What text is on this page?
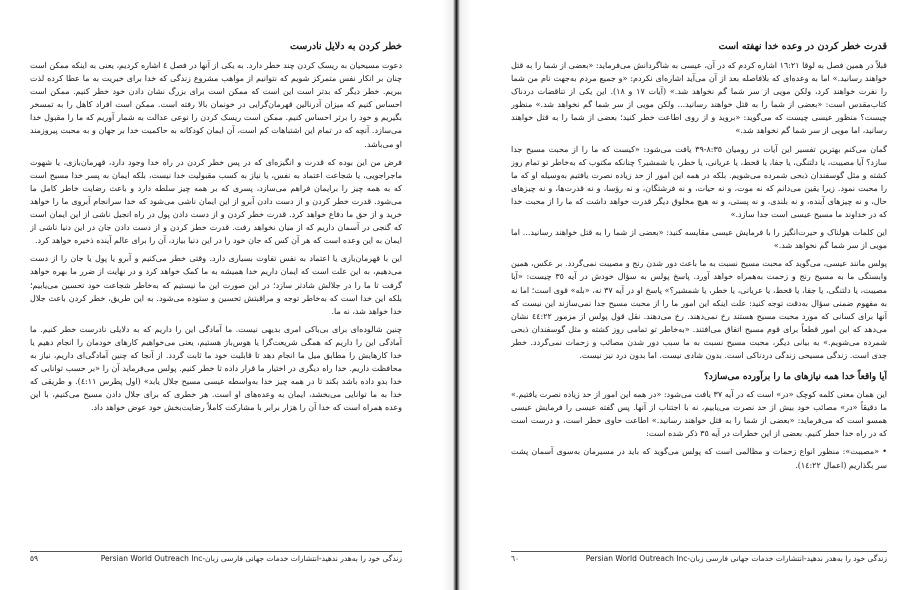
خطر کردن به دلایل نادرست

دعوت مسیحیان به ریسک کردن چند خطر دارد. به یکی از آنها در فصل ٤ اشاره کردیم، یعنی به اینکه ممکن است چنان بر انکار نفس متمرکز شویم که نتوانیم از مواهب مشروع زندگی که خدا برای خیریت به ما عطا کرده لذت ببریم. خطر دیگر که بدتر است این است که ممکن است برای بزرگ نشان دادن خود خطر کنیم. ممکن است احساس کنیم که میزان آدرنالین قهرمان‌گرایی در خونمان بالا رفته است. ممکن است افراد کاهل را به تمسخر بگیریم و خود را برتر احساس کنیم. ممکن است ریسک کردن را نوعی عدالت به شمار آوریم که ما را مقبول خدا می‌سازد. آنچه که در تمام این اشتباهات کم است، آن ایمان کودکانه به حاکمیت خدا بر جهان و به محبت پیروزمند او می‌باشد.

فرض من این بوده که قدرت و انگیزه‌ای که در پس خطر کردن در راه خدا وجود دارد، قهرمان‌بازی، یا شهوت ماجراجویی، یا شجاعت اعتماد به نفس، یا نیاز به کسب مقبولیت خدا نیست، بلکه ایمان به پسر خدا مسیح است که به همه چیز را برایمان فراهم می‌سازد، پسری که بر همه چیز سلطه دارد و باعث رضایت خاطر کامل ما می‌شود. قدرت خطر کردن و از دست دادن آبرو از این ایمان ناشی می‌شود که خدا سرانجام آبروی ما را خواهد خرید و از حق ما دفاع خواهد کرد. قدرت خطر کردن و از دست دادن پول در راه انجیل ناشی از این ایمان است که گنجی در آسمان داریم که از میان نخواهد رفت. قدرت خطر کردن و از دست دادن جان در این دنیا ناشی از ایمان به این وعده است که هر آن کس که جان خود را در این دنیا بیازد، آن را برای عالم آینده ذخیره خواهد کرد.

این با قهرمان‌بازی یا اعتماد به نفس تفاوت بسیاری دارد. وقتی خطر می‌کنیم و آبرو یا پول یا جان را از دست می‌دهیم، به این علت است که ایمان داریم خدا همیشه به ما کمک خواهد کرد و در نهایت از ضرر ما بهره خواهد گرفت تا ما را در جلالش شادتر سازد؛ در این صورت این ما نیستیم که به‌خاطر شجاعت خود تحسین می‌یابیم؛ بلکه این خدا است که به‌خاطر توجه و مراقبتش تحسین و ستوده می‌شود. به این طریق، خطر کردن باعث جلال خدا خواهد شد، نه ما.

چنین شالوده‌ای برای بی‌باکی امری بدیهی نیست. ما آمادگی این را داریم که به دلایلی نادرست خطر کنیم. ما آمادگی این را داریم که همگی شریعت‌گرا یا هوس‌باز هستیم، یعنی می‌خواهیم کارهای خودمان را انجام دهیم یا خدا کارهایش را مطابق میل ما انجام دهد تا قابلیت خود ما ثابت گردد. از آنجا که چنین آمادگی‌ای داریم، نیاز به محافظت داریم. خدا راه دیگری در اختیار ما قرار داده تا خطر کنیم. پولس می‌فرماید آن را «بر حسب توانایی که خدا بدو داده باشد بکند تا در همه چیز خدا به‌واسطه عیسی مسیح جلال یابد» (اول پطرس ٤:١١). و طریقی که خدا به ما توانایی می‌بخشد، ایمان به وعده‌های او است. هر خطری که برای جلال دادن مسیح می‌کنیم، با این وعده همراه است که خدا آن را هزار برابر با مشارکت کاملاً رضایت‌بخش خود عوض خواهد داد.

٥٩	زندگی خود را به‌هدر ندهید-انتشارات خدمات جهانی فارسی زبان-Persian World Outreach Inc
قدرت خطر کردن در وعده خدا نهفته است

قبلاً در همین فصل به لوقا ١٦:٢١ اشاره کردم که در آن، عیسی به شاگردانش می‌فرماید: «بعضی از شما را به قتل خواهند رسانید.» اما به وعده‌ای که بلافاصله بعد از آن می‌آید اشاره‌ای نکردم: «و جمیع مردم به‌جهت نام من شما را نفرت خواهند کرد، ولکن مویی از سر شما گم نخواهد شد.» (آیات ١٧ و ١٨). این یکی از تناقضات دردناک کتاب‌مقدس است: «بعضی از شما را به قتل خواهند رسانید... ولکن مویی از سر شما گم نخواهد شد.» منظور چیست؟ منظور عیسی چیست که می‌گوید: «بروید و از روی اطاعت خطر کنید؛ بعضی از شما را به قتل خواهند رسانید، اما مویی از سر شما گم نخواهد شد.»

گمان می‌کنم بهترین تفسیر این آیات در رومیان ٨:٣٥-٣٩ یافت می‌شود: «کیست که ما را از محبت مسیح جدا سازد؟ آیا مصیبت، یا دلتنگی، یا جفا، یا قحط، یا عریانی، یا خطر، یا شمشیر؟ چنانکه مکتوب که به‌خاطر تو تمام روز کشته و مثل گوسفندان ذبحی شمرده می‌شویم. بلکه در همه این امور از حد زیاده نصرت یافتیم به‌وسیله او که ما را محبت نمود. زیرا یقین می‌دانم که نه موت، و نه حیات، و نه فرشتگان، و نه رؤسا، و نه قدرت‌ها، و نه چیزهای حال، و نه چیزهای آینده، و نه بلندی، و نه پستی، و نه هیچ مخلوق دیگر قدرت خواهد داشت که ما را از محبت خدا که در خداوند ما مسیح عیسی است جدا سازد.»

این کلمات هولناک و حیرت‌انگیز را با فرمایش عیسی مقایسه کنید: «بعضی از شما را به قتل خواهند رسانید... اما مویی از سر شما گم نخواهد شد.»

پولس مانند عیسی، می‌گوید که محبت مسیح نسبت به ما باعث دور شدن رنج و مصیبت نمی‌گردد. بر عکس، همین وابستگی ما به مسیح رنج و زحمت به‌همراه خواهد آورد. پاسخ پولس به سؤال خودش در آیه ٣٥ چیست: «آیا مصیبت، یا دلتنگی، یا جفا، یا قحط، یا عریانی، یا خطر، یا شمشیر؟» پاسخ او در آیه ٣٧ نه، «بله» قوی است؛ اما نه به مفهوم ضمنی سؤال به‌دقت توجه کنید: علت اینکه این امور ما را از محبت مسیح جدا نمی‌سازند این نیست که آنها برای کسانی که مورد محبت مسیح هستند رخ نمی‌دهند. رخ می‌دهند. نقل قول پولس از مزمور ٤٤:٢٢ نشان می‌دهد که این امور قطعاً برای قوم مسیح اتفاق می‌افتند. «به‌خاطر تو تمامی روز کشته و مثل گوسفندان ذبحی شمرده می‌شویم.» به بیانی دیگر، محبت مسیح نسبت به ما سبب دور شدن مصائب و زحمات نمی‌گردد. خطر جدی است. زندگی مسیحی زندگی دردناکی است. بدون شادی نیست. اما بدون درد نیز نیست.

آیا واقعاً خدا همه نیازهای ما را برآورده می‌سازد؟

این همان معنی کلمه کوچک «در» است که در آیه ٣٧ یافت می‌شود: «در همه این امور از حد زیاده نصرت یافتیم.» ما دقیقاً «در» مصائب خود بیش از حد نصرت می‌یابیم، نه با اجتناب از آنها. پس گفته عیسی را فرمایش عیسی همسو است که می‌فرماید: «بعضی از شما را به قتل خواهند رسانید.» اطاعت حاوی خطر است، و درست است که در راه خدا خطر کنیم. بعضی از این خطرات در آیه ٣٥ ذکر شده است:

• «مصیبت»: منظور انواع زحمات و مظالمی است که پولس می‌گوید که باید در مسیرمان به‌سوی آسمان پشت سر بگذاریم (اعمال ١٤:٢٢).

٦٠	زندگی خود را به‌هدر ندهید-انتشارات خدمات جهانی فارسی زبان-Persian World Outreach Inc
